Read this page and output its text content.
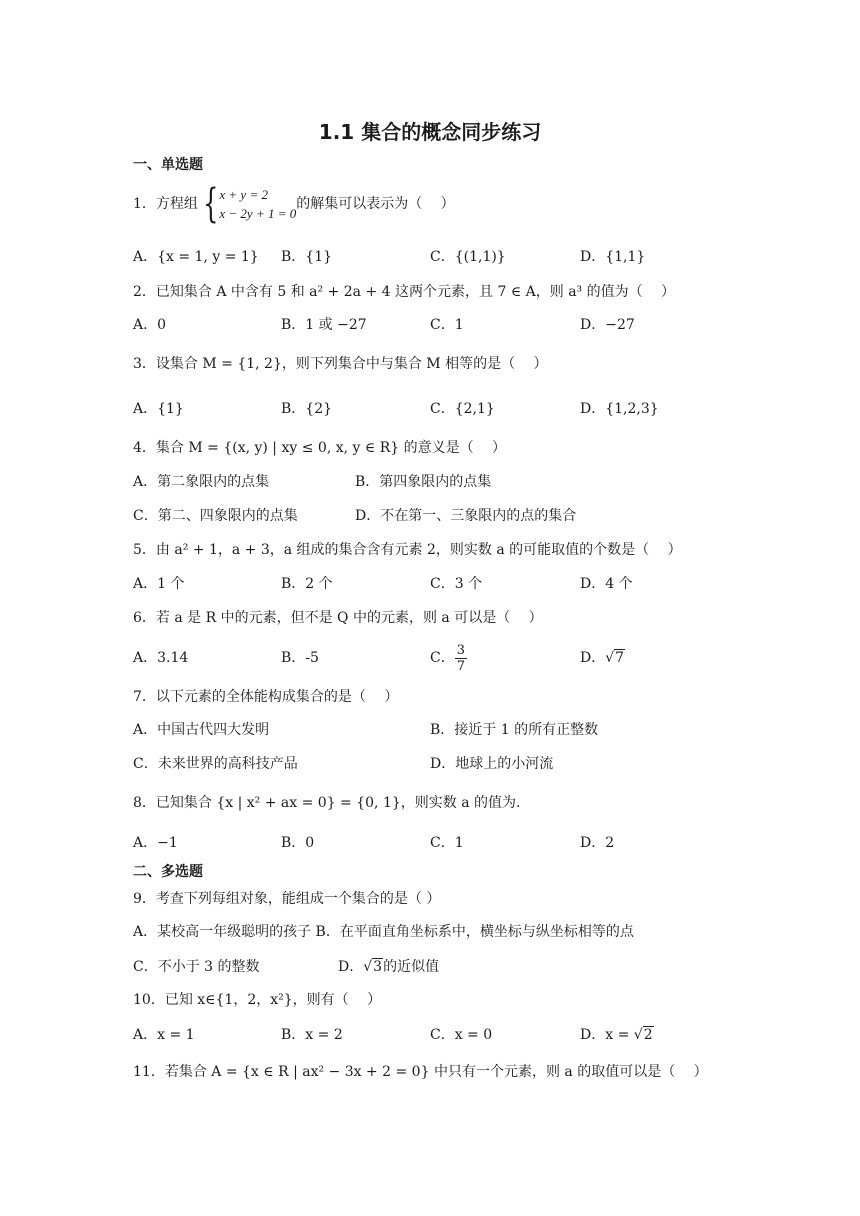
1.1 集合的概念同步练习
一、单选题
1．方程组 { x + y = 2
x − 2y + 1 = 0
的解集可以表示为（　 ）
A．{x = 1, y = 1} B．{1}	C．{(1,1)}	D．{1,1}
2．已知集合 A 中含有 5 和 a² + 2a + 4 这两个元素，且 7 ∈ A，则 a³ 的值为（　 ）
A．0	B．1 或 −27	C．1	D．−27
3．设集合 M = {1, 2}，则下列集合中与集合 M 相等的是（　 ）
A．{1}	B．{2}	C．{2,1}	D．{1,2,3}
4．集合 M = {(x, y) | xy ≤ 0, x, y ∈ R} 的意义是（　 ）
A．第二象限内的点集	B．第四象限内的点集
C．第二、四象限内的点集	D．不在第一、三象限内的点的集合
5．由 a² + 1，a + 3，a 组成的集合含有元素 2，则实数 a 的可能取值的个数是（　 ）
A．1 个	B．2 个	C．3 个	D．4 个
6．若 a 是 R 中的元素，但不是 Q 中的元素，则 a 可以是（　 ）
A．3.14	B．-5	C． $\frac{3}{7}$	D．√7
7．以下元素的全体能构成集合的是（　 ）
A．中国古代四大发明	B．接近于 1 的所有正整数
C．未来世界的高科技产品	D．地球上的小河流
8．已知集合 {x | x² + ax = 0} = {0, 1}，则实数 a 的值为.
A．−1	B．0	C．1	D．2
二、多选题
9．考查下列每组对象，能组成一个集合的是（ ）
A．某校高一年级聪明的孩子 B．在平面直角坐标系中，横坐标与纵坐标相等的点
C．不小于 3 的整数	D．√3的近似值
10．已知 x∈{1，2，x²}，则有（　 ）
A．x = 1	B．x = 2	C．x = 0	D．x = √2
11．若集合 A = {x ∈ R | ax² − 3x + 2 = 0} 中只有一个元素，则 a 的取值可以是（　 ）
